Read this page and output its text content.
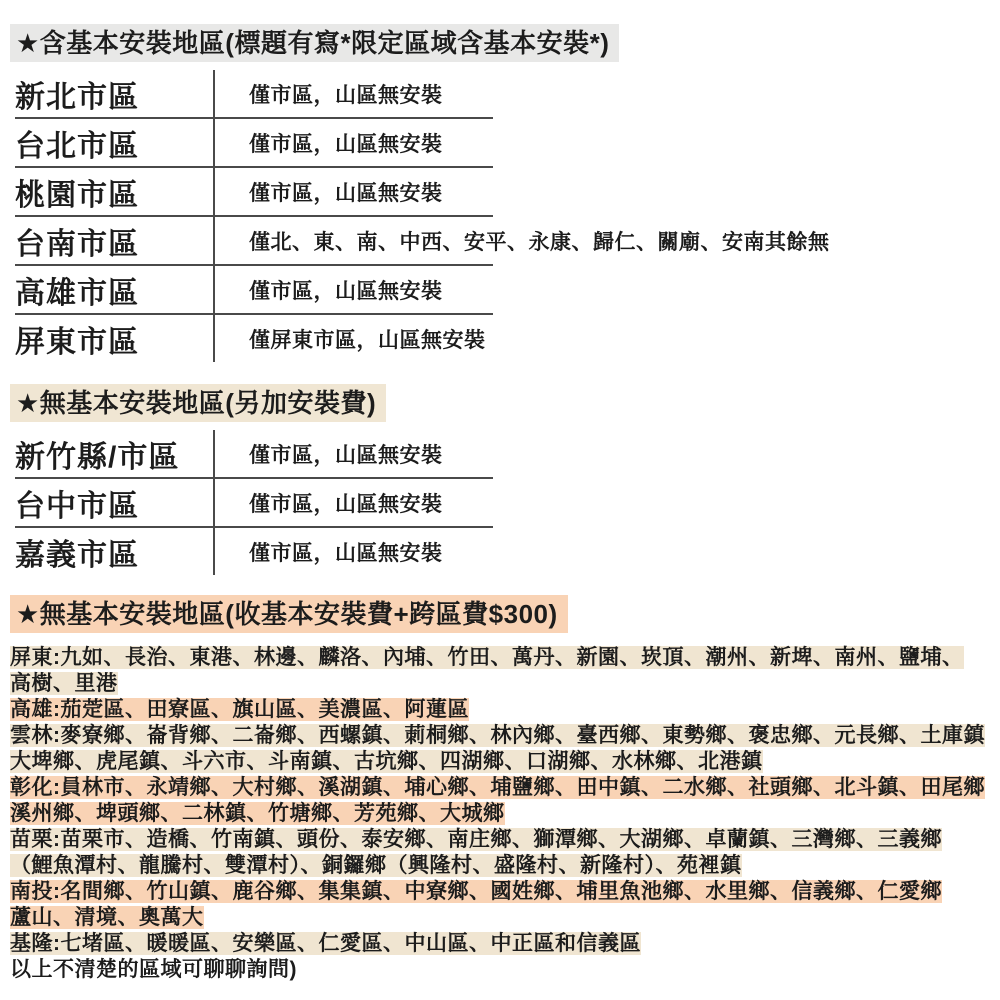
★含基本安裝地區(標題有寫*限定區域含基本安裝*)
新北市區	僅市區，山區無安裝
台北市區	僅市區，山區無安裝
桃園市區	僅市區，山區無安裝
台南市區	僅北、東、南、中西、安平、永康、歸仁、關廟、安南其餘無
高雄市區	僅市區，山區無安裝
屏東市區	僅屏東市區，山區無安裝
★無基本安裝地區(另加安裝費)
新竹縣/市區	僅市區，山區無安裝
台中市區	僅市區，山區無安裝
嘉義市區	僅市區，山區無安裝
★無基本安裝地區(收基本安裝費+跨區費$300)
屏東:九如、長治、東港、林邊、麟洛、內埔、竹田、萬丹、新園、崁頂、潮州、新埤、南州、鹽埔、
高樹、里港
高雄:茄萣區、田寮區、旗山區、美濃區、阿蓮區
雲林:麥寮鄉、崙背鄉、二崙鄉、西螺鎮、莿桐鄉、林內鄉、臺西鄉、東勢鄉、褒忠鄉、元長鄉、土庫鎮
大埤鄉、虎尾鎮、斗六市、斗南鎮、古坑鄉、四湖鄉、口湖鄉、水林鄉、北港鎮
彰化:員林市、永靖鄉、大村鄉、溪湖鎮、埔心鄉、埔鹽鄉、田中鎮、二水鄉、社頭鄉、北斗鎮、田尾鄉
溪州鄉、埤頭鄉、二林鎮、竹塘鄉、芳苑鄉、大城鄉
苗栗:苗栗市、造橋、竹南鎮、頭份、泰安鄉、南庄鄉、獅潭鄉、大湖鄉、卓蘭鎮、三灣鄉、三義鄉
（鯉魚潭村、龍騰村、雙潭村）、銅鑼鄉（興隆村、盛隆村、新隆村）、苑裡鎮
南投:名間鄉、竹山鎮、鹿谷鄉、集集鎮、中寮鄉、國姓鄉、埔里魚池鄉、水里鄉、信義鄉、仁愛鄉
蘆山、清境、奧萬大
基隆:七堵區、暖暖區、安樂區、仁愛區、中山區、中正區和信義區
以上不清楚的區域可聊聊詢問)
